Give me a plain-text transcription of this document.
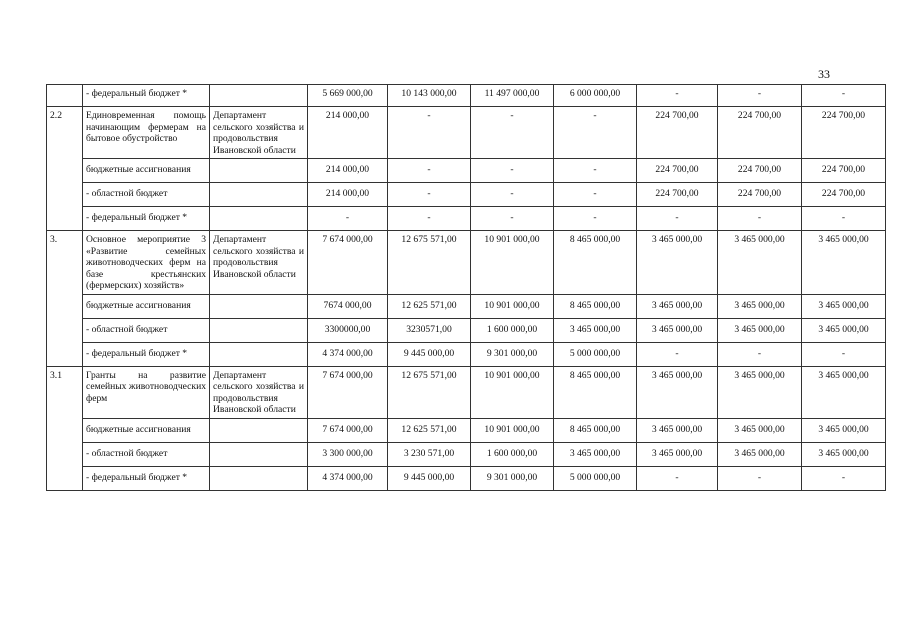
33
	- федеральный бюджет *		5 669 000,00	10 143 000,00	11 497 000,00	6 000 000,00	-	-	-
2.2	Единовременная помощь начинающим фермерам на бытовое обустройство	Департамент сельского хозяйства и продовольствия Ивановской области	214 000,00	-	-	-	224 700,00	224 700,00	224 700,00
	бюджетные ассигнования		214 000,00	-	-	-	224 700,00	224 700,00	224 700,00
	- областной бюджет		214 000,00	-	-	-	224 700,00	224 700,00	224 700,00
	- федеральный бюджет *		-	-	-	-	-	-	-
3.	Основное мероприятие 3 «Развитие семейных животноводческих ферм на базе крестьянских (фермерских) хозяйств»	Департамент сельского хозяйства и продовольствия Ивановской области	7 674 000,00	12 675 571,00	10 901 000,00	8 465 000,00	3 465 000,00	3 465 000,00	3 465 000,00
	бюджетные ассигнования		7674 000,00	12 625 571,00	10 901 000,00	8 465 000,00	3 465 000,00	3 465 000,00	3 465 000,00
	- областной бюджет		3300000,00	3230571,00	1 600 000,00	3 465 000,00	3 465 000,00	3 465 000,00	3 465 000,00
	- федеральный бюджет *		4 374 000,00	9 445 000,00	9 301 000,00	5 000 000,00	-	-	-
3.1	Гранты на развитие семейных животноводческих ферм	Департамент сельского хозяйства и продовольствия Ивановской области	7 674 000,00	12 675 571,00	10 901 000,00	8 465 000,00	3 465 000,00	3 465 000,00	3 465 000,00
	бюджетные ассигнования		7 674 000,00	12 625 571,00	10 901 000,00	8 465 000,00	3 465 000,00	3 465 000,00	3 465 000,00
	- областной бюджет		3 300 000,00	3 230 571,00	1 600 000,00	3 465 000,00	3 465 000,00	3 465 000,00	3 465 000,00
	- федеральный бюджет *		4 374 000,00	9 445 000,00	9 301 000,00	5 000 000,00	-	-	-
